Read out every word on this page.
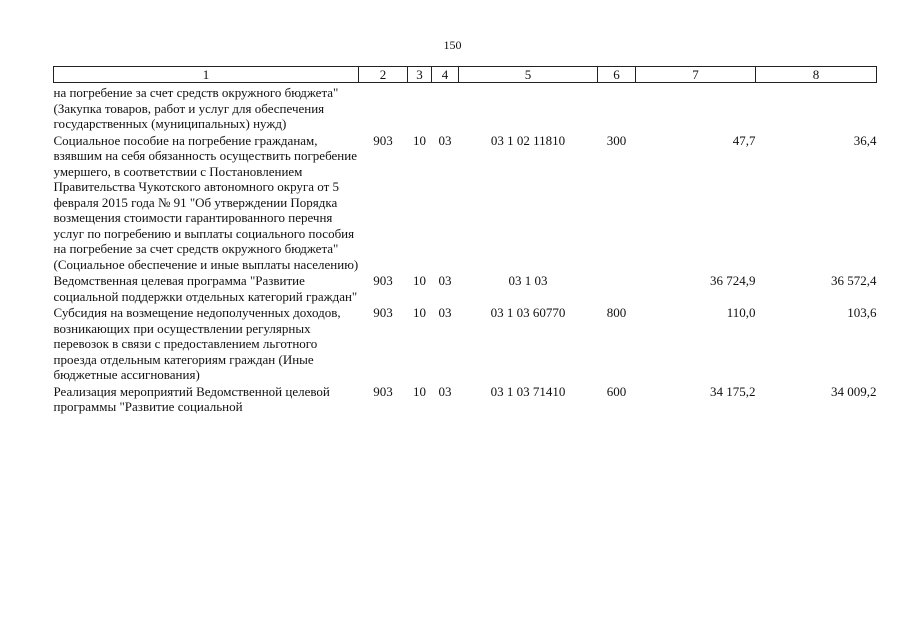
150
1	2	3	4	5	6	7	8
на погребение за счет средств окружного бюджета" (Закупка товаров, работ и услуг для обеспечения государственных (муниципальных) нужд)							
Социальное пособие на погребение гражданам, взявшим на себя обязанность осуществить погребение умершего, в соответствии с Постановлением Правительства Чукотского автономного округа от 5 февраля 2015 года № 91 "Об утверждении Порядка возмещения стоимости гарантированного перечня услуг по погребению и выплаты социального пособия на погребение за счет средств окружного бюджета" (Социальное обеспечение и иные выплаты населению)	903	10	03	03 1 02 11810	300	47,7	36,4
Ведомственная целевая программа "Развитие социальной поддержки отдельных категорий граждан"	903	10	03	03 1 03		36 724,9	36 572,4
Субсидия на возмещение недополученных доходов, возникающих при осуществлении регулярных перевозок в связи с предоставлением льготного проезда отдельным категориям граждан (Иные бюджетные ассигнования)	903	10	03	03 1 03 60770	800	110,0	103,6
Реализация мероприятий Ведомственной целевой программы "Развитие социальной	903	10	03	03 1 03 71410	600	34 175,2	34 009,2
